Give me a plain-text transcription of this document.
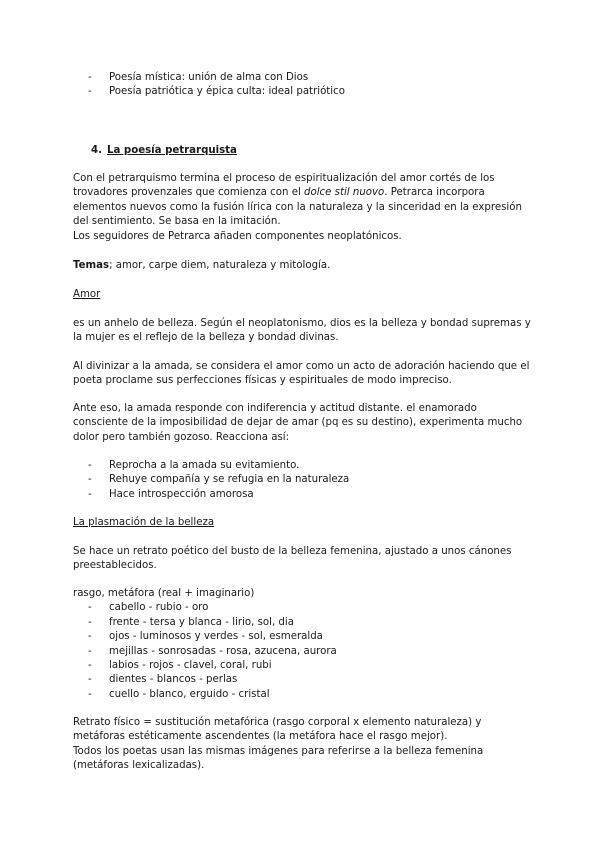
- Poesía mística: unión de alma con Dios
- Poesía patriótica y épica culta: ideal patriótico
4. La poesía petrarquista

Con el petrarquismo termina el proceso de espiritualización del amor cortés de los trovadores provenzales que comienza con el dolce stil nuovo. Petrarca incorpora elementos nuevos como la fusión lírica con la naturaleza y la sinceridad en la expresión del sentimiento. Se basa en la imitación.

Los seguidores de Petrarca añaden componentes neoplatónicos.

Temas; amor, carpe diem, naturaleza y mitología.

Amor

es un anhelo de belleza. Según el neoplatonismo, dios es la belleza y bondad supremas y la mujer es el reflejo de la belleza y bondad divinas.

Al divinizar a la amada, se considera el amor como un acto de adoración haciendo que el poeta proclame sus perfecciones físicas y espirituales de modo impreciso.

Ante eso, la amada responde con indiferencia y actitud distante. el enamorado consciente de la imposibilidad de dejar de amar (pq es su destino), experimenta mucho dolor pero también gozoso. Reacciona así:

- Reprocha a la amada su evitamiento.
- Rehuye compañía y se refugia en la naturaleza
- Hace introspección amorosa

La plasmación de la belleza

Se hace un retrato poético del busto de la belleza femenina, ajustado a unos cánones preestablecidos.

rasgo, metáfora (real + imaginario)

- cabello - rubio - oro
- frente - tersa y blanca - lirio, sol, dia
- ojos - luminosos y verdes - sol, esmeralda
- mejillas - sonrosadas - rosa, azucena, aurora
- labios - rojos - clavel, coral, rubi
- dientes - blancos - perlas
- cuello - blanco, erguido - cristal

Retrato físico = sustitución metafórica (rasgo corporal x elemento naturaleza) y metáforas estéticamente ascendentes (la metáfora hace el rasgo mejor).

Todos los poetas usan las mismas imágenes para referirse a la belleza femenina (metáforas lexicalizadas).
